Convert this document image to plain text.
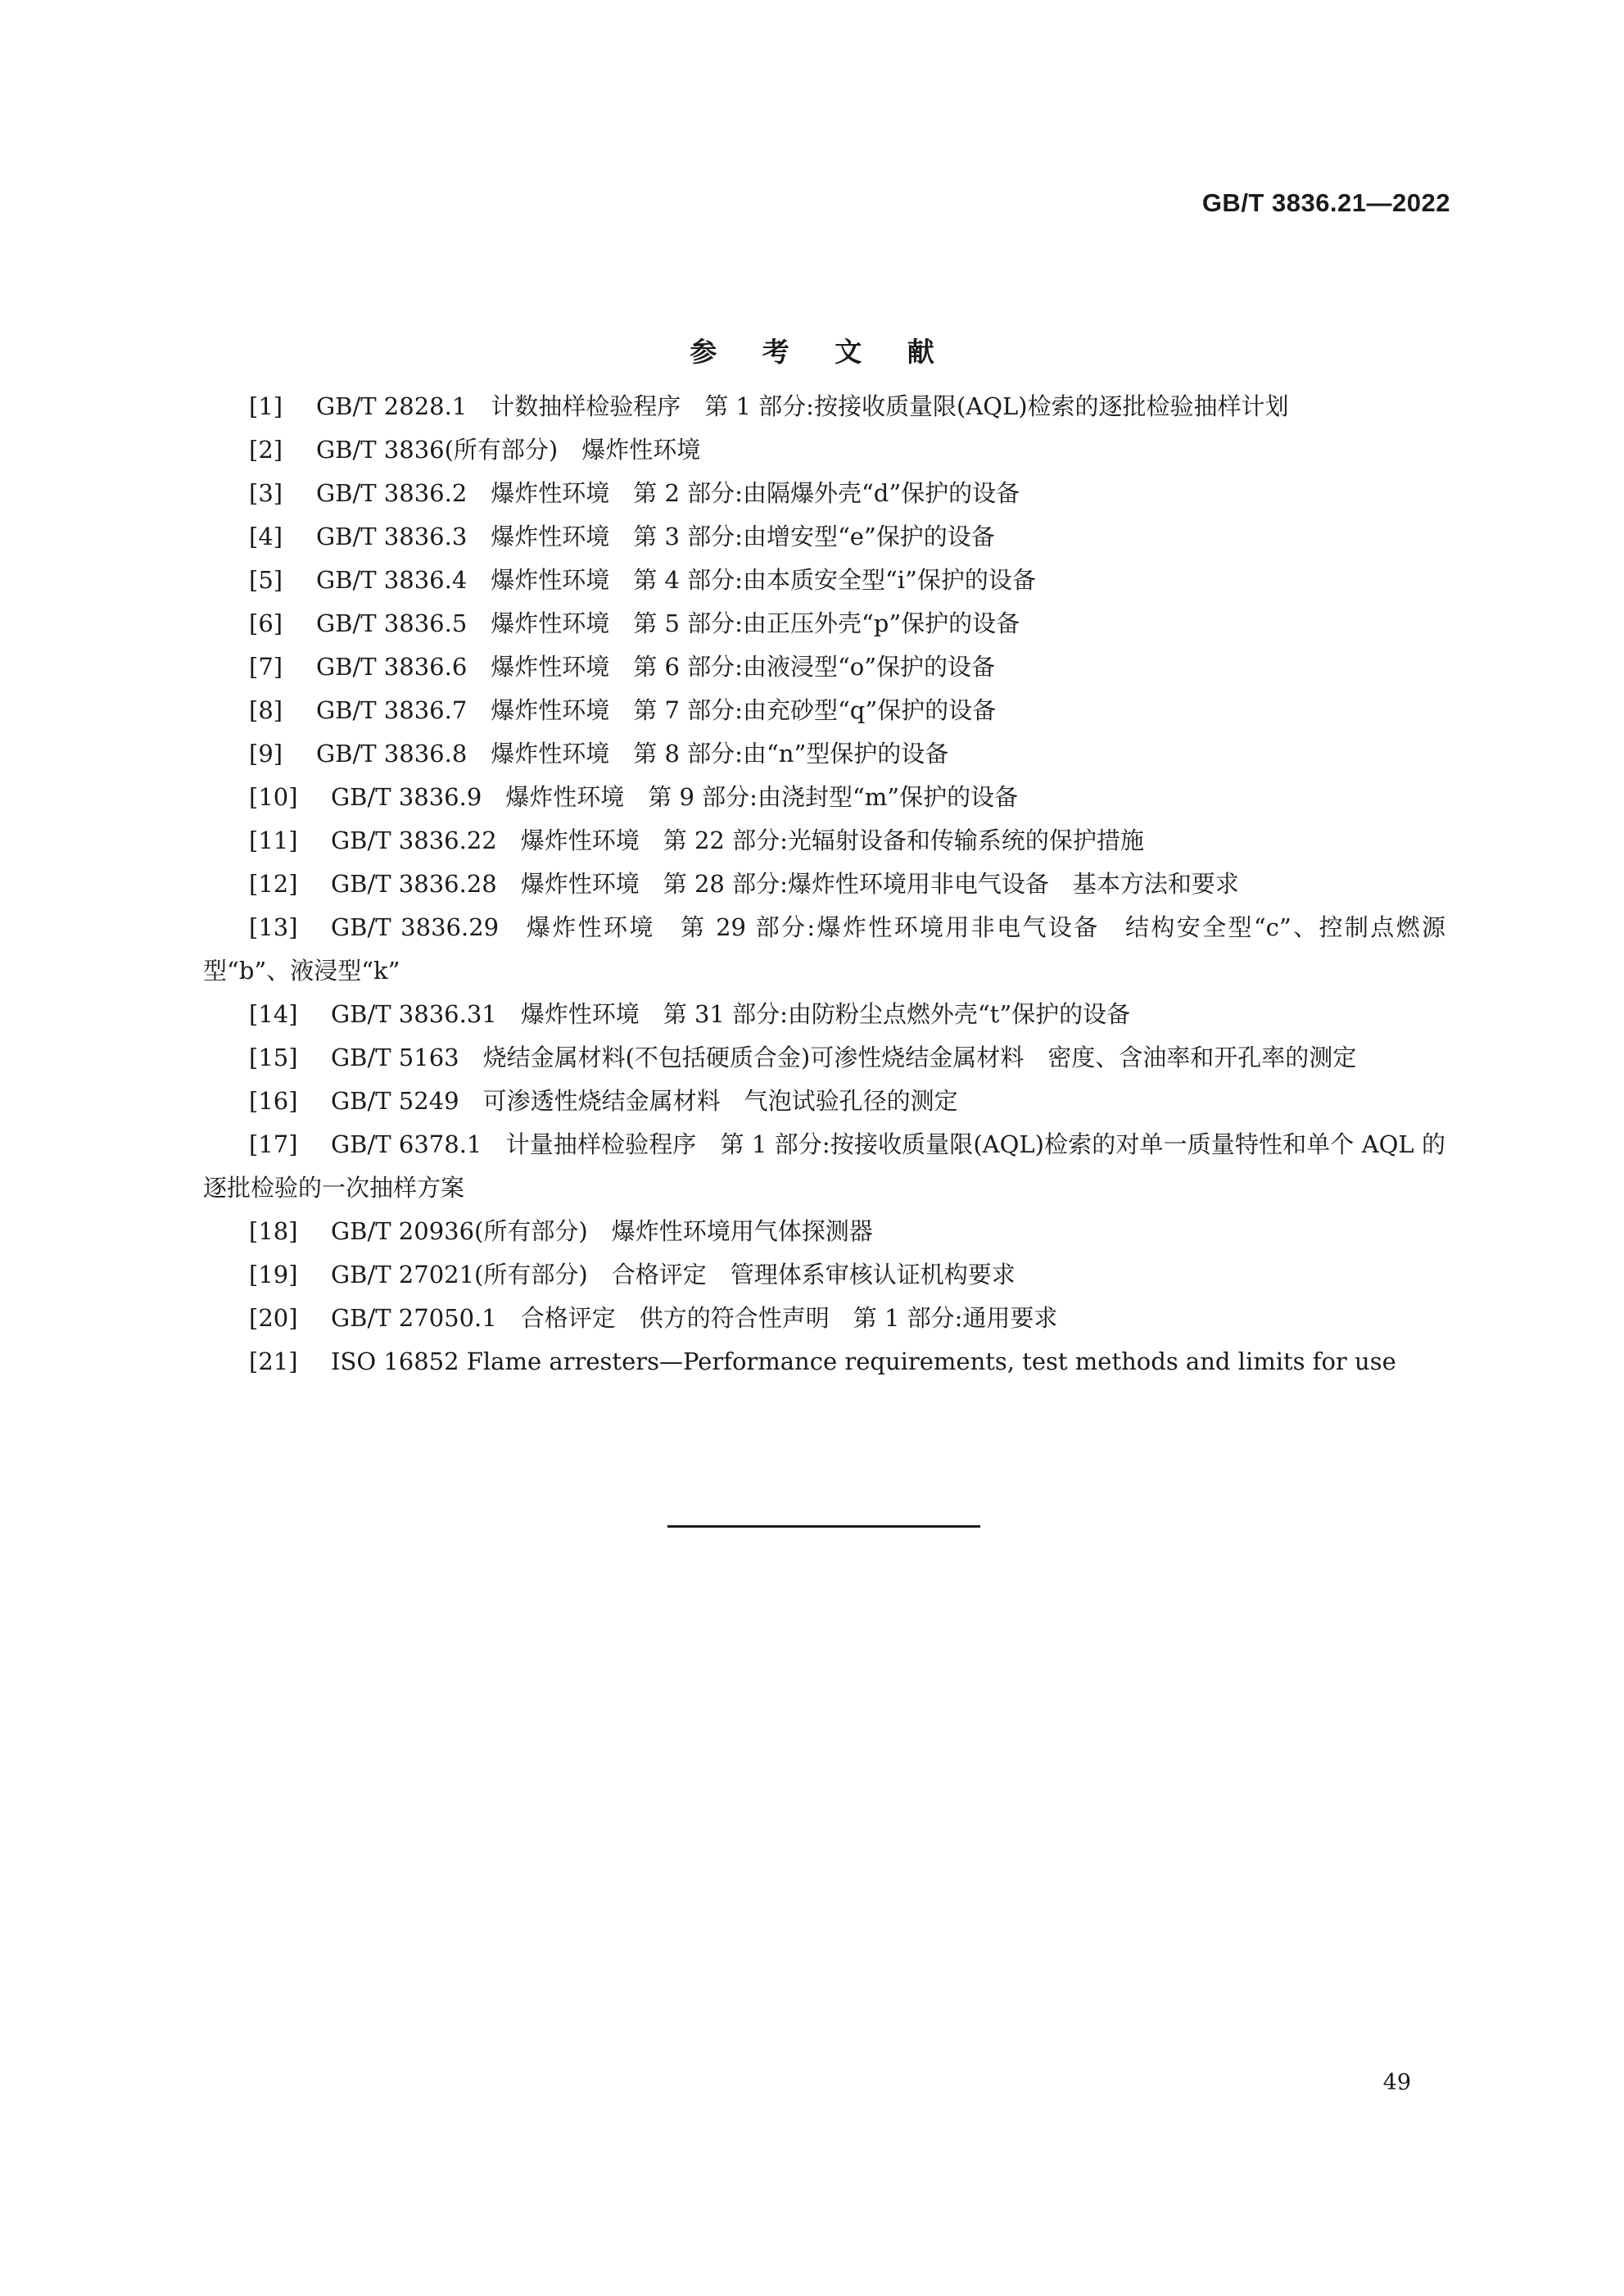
GB/T 3836.21—2022
参 考 文 献

[1] GB/T 2828.1　计数抽样检验程序　第 1 部分:按接收质量限(AQL)检索的逐批检验抽样计划

[2] GB/T 3836(所有部分)　爆炸性环境

[3] GB/T 3836.2　爆炸性环境　第 2 部分:由隔爆外壳“d”保护的设备

[4] GB/T 3836.3　爆炸性环境　第 3 部分:由增安型“e”保护的设备

[5] GB/T 3836.4　爆炸性环境　第 4 部分:由本质安全型“i”保护的设备

[6] GB/T 3836.5　爆炸性环境　第 5 部分:由正压外壳“p”保护的设备

[7] GB/T 3836.6　爆炸性环境　第 6 部分:由液浸型“o”保护的设备

[8] GB/T 3836.7　爆炸性环境　第 7 部分:由充砂型“q”保护的设备

[9] GB/T 3836.8　爆炸性环境　第 8 部分:由“n”型保护的设备

[10] GB/T 3836.9　爆炸性环境　第 9 部分:由浇封型“m”保护的设备

[11] GB/T 3836.22　爆炸性环境　第 22 部分:光辐射设备和传输系统的保护措施

[12] GB/T 3836.28　爆炸性环境　第 28 部分:爆炸性环境用非电气设备　基本方法和要求

[13] GB/T 3836.29　爆炸性环境　第 29 部分:爆炸性环境用非电气设备　结构安全型“c”、控制点燃源型“b”、液浸型“k”

[14] GB/T 3836.31　爆炸性环境　第 31 部分:由防粉尘点燃外壳“t”保护的设备

[15] GB/T 5163　烧结金属材料(不包括硬质合金)可渗性烧结金属材料　密度、含油率和开孔率的测定

[16] GB/T 5249　可渗透性烧结金属材料　气泡试验孔径的测定

[17] GB/T 6378.1　计量抽样检验程序　第 1 部分:按接收质量限(AQL)检索的对单一质量特性和单个 AQL 的逐批检验的一次抽样方案

[18] GB/T 20936(所有部分)　爆炸性环境用气体探测器

[19] GB/T 27021(所有部分)　合格评定　管理体系审核认证机构要求

[20] GB/T 27050.1　合格评定　供方的符合性声明　第 1 部分:通用要求

[21] ISO 16852 Flame arresters—Performance requirements, test methods and limits for use

49
